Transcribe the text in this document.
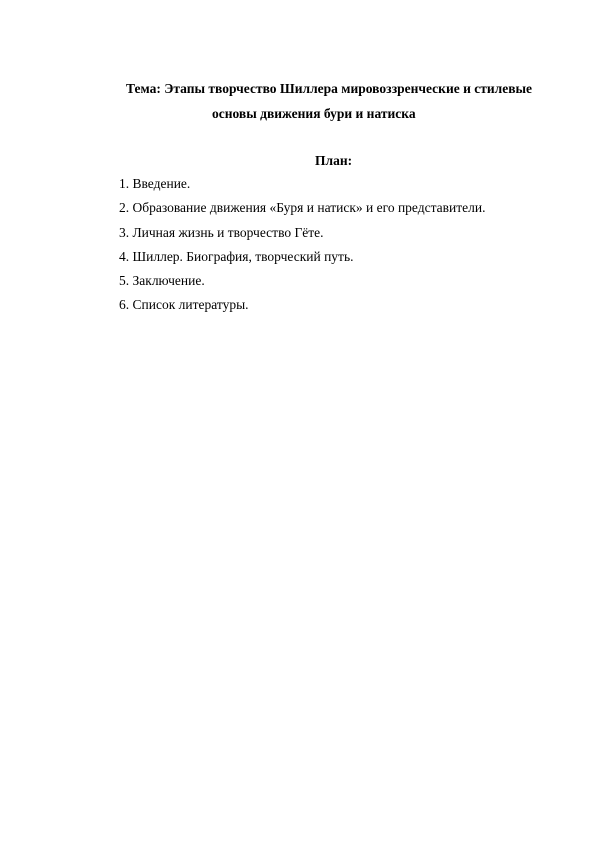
Тема: Этапы творчество Шиллера мировоззренческие и стилевые
основы движения бури и натиска
План:
1. Введение.
2. Образование движения «Буря и натиск» и его представители.
3. Личная жизнь и творчество Гёте.
4. Шиллер. Биография, творческий путь.
5. Заключение.
6. Список литературы.
